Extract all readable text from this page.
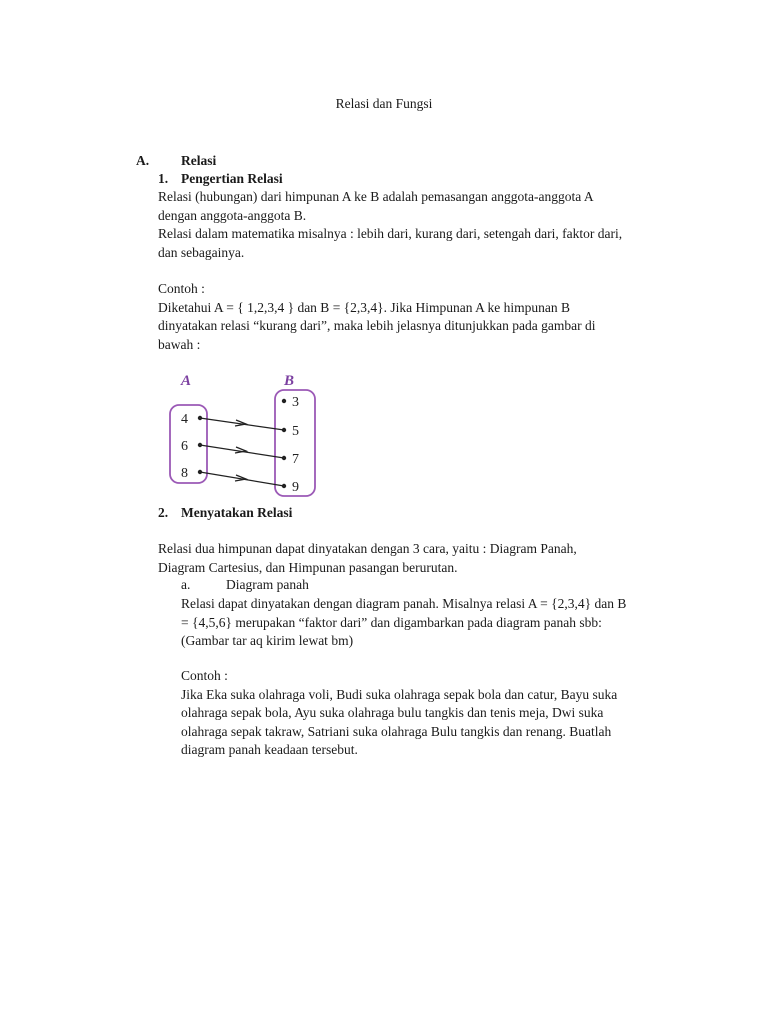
Relasi dan Fungsi
A. Relasi
1. Pengertian Relasi

Relasi (hubungan) dari himpunan A ke B adalah pemasangan anggota-anggota A

dengan anggota-anggota B.

Relasi dalam matematika misalnya : lebih dari, kurang dari, setengah dari, faktor dari,

dan sebagainya.

Contoh :

Diketahui A = { 1,2,3,4 } dan B = {2,3,4}. Jika Himpunan A ke himpunan B

dinyatakan relasi “kurang dari”, maka lebih jelasnya ditunjukkan pada gambar di

bawah :

A	B
4
6
8
3
5
7
9
2. Menyatakan Relasi

Relasi dua himpunan dapat dinyatakan dengan 3 cara, yaitu : Diagram Panah,

Diagram Cartesius, dan Himpunan pasangan berurutan.

a.	Diagram panah

Relasi dapat dinyatakan dengan diagram panah. Misalnya relasi A = {2,3,4} dan B

= {4,5,6} merupakan “faktor dari” dan digambarkan pada diagram panah sbb:

(Gambar tar aq kirim lewat bm)

Contoh :

Jika Eka suka olahraga voli, Budi suka olahraga sepak bola dan catur, Bayu suka

olahraga sepak bola, Ayu suka olahraga bulu tangkis dan tenis meja, Dwi suka

olahraga sepak takraw, Satriani suka olahraga Bulu tangkis dan renang. Buatlah

diagram panah keadaan tersebut.
